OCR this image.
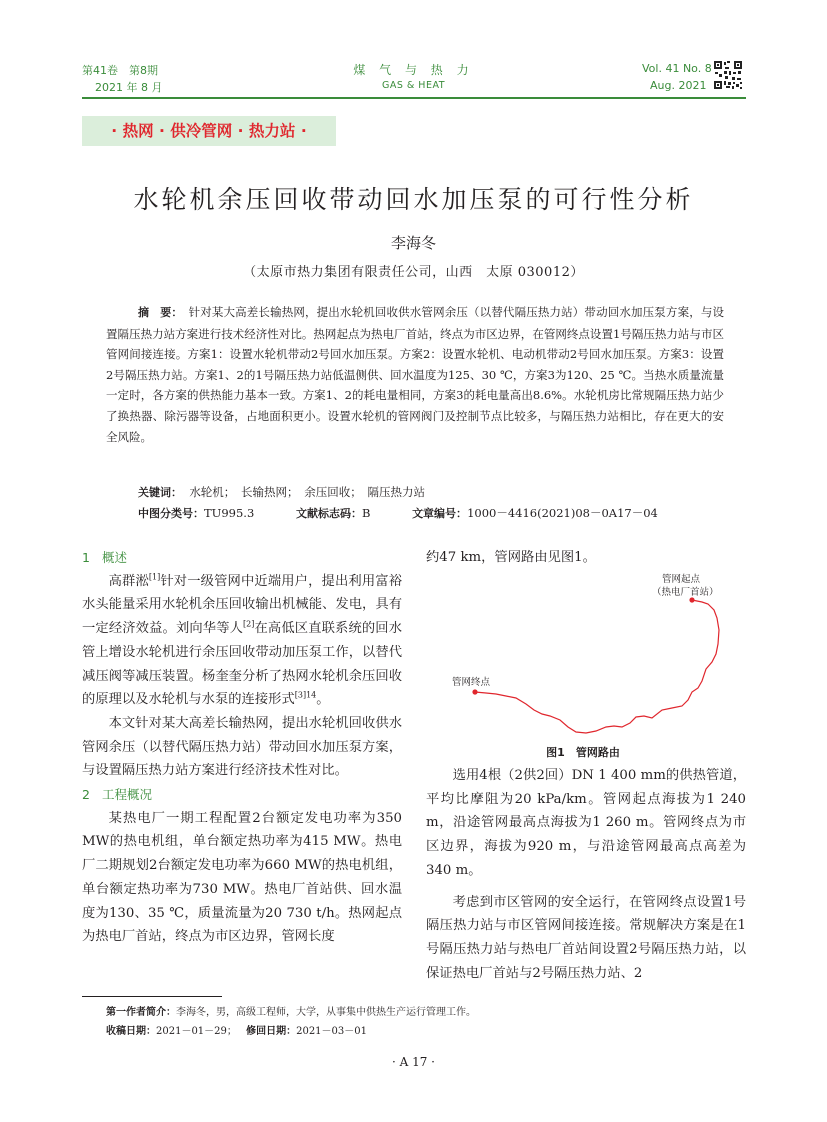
第41卷　第8期
2021 年 8 月
煤 气 与 热 力
GAS & HEAT
Vol. 41 No. 8
Aug. 2021
· 热网 · 供冷管网 · 热力站 ·
水轮机余压回收带动回水加压泵的可行性分析
李海冬
（太原市热力集团有限责任公司，山西　太原 030012）
摘　要： 针对某大高差长输热网，提出水轮机回收供水管网余压（以替代隔压热力站）带动回水加压泵方案，与设置隔压热力站方案进行技术经济性对比。热网起点为热电厂首站，终点为市区边界，在管网终点设置1号隔压热力站与市区管网间接连接。方案1：设置水轮机带动2号回水加压泵。方案2：设置水轮机、电动机带动2号回水加压泵。方案3：设置2号隔压热力站。方案1、2的1号隔压热力站低温侧供、回水温度为125、30 ℃，方案3为120、25 ℃。当热水质量流量一定时，各方案的供热能力基本一致。方案1、2的耗电量相同，方案3的耗电量高出8.6%。水轮机房比常规隔压热力站少了换热器、除污器等设备，占地面积更小。设置水轮机的管网阀门及控制节点比较多，与隔压热力站相比，存在更大的安全风险。
关键词： 水轮机；　长输热网；　余压回收；　隔压热力站
中图分类号：TU995.3	文献标志码：B	文章编号：1000－4416(2021)08－0A17－04
1 概述

高群淞[1]针对一级管网中近端用户，提出利用富裕水头能量采用水轮机余压回收输出机械能、发电，具有一定经济效益。刘向华等人[2]在高低区直联系统的回水管上增设水轮机进行余压回收带动加压泵工作，以替代减压阀等减压装置。杨奎奎分析了热网水轮机余压回收的原理以及水轮机与水泵的连接形式$^{[3]14}$。

本文针对某大高差长输热网，提出水轮机回收供水管网余压（以替代隔压热力站）带动回水加压泵方案，与设置隔压热力站方案进行经济技术性对比。

2 工程概况

某热电厂一期工程配置2台额定发电功率为350 MW的热电机组，单台额定热功率为415 MW。热电厂二期规划2台额定发电功率为660 MW的热电机组，单台额定热功率为730 MW。热电厂首站供、回水温度为130、35 ℃，质量流量为20 730 t/h。热网起点为热电厂首站，终点为市区边界，管网长度

约47 km，管网路由见图1。
管网起点
（热电厂首站）
管网终点
图1　管网路由

选用4根（2供2回）DN 1 400 mm的供热管道，平均比摩阻为20 kPa/km。管网起点海拔为1 240 m，沿途管网最高点海拔为1 260 m。管网终点为市区边界，海拔为920 m，与沿途管网最高点高差为340 m。

考虑到市区管网的安全运行，在管网终点设置1号隔压热力站与市区管网间接连接。常规解决方案是在1号隔压热力站与热电厂首站间设置2号隔压热力站，以保证热电厂首站与2号隔压热力站、2

第一作者简介：李海冬，男，高级工程师，大学，从事集中供热生产运行管理工作。
收稿日期：2021－01－29； 修回日期：2021－03－01
· A 17 ·
